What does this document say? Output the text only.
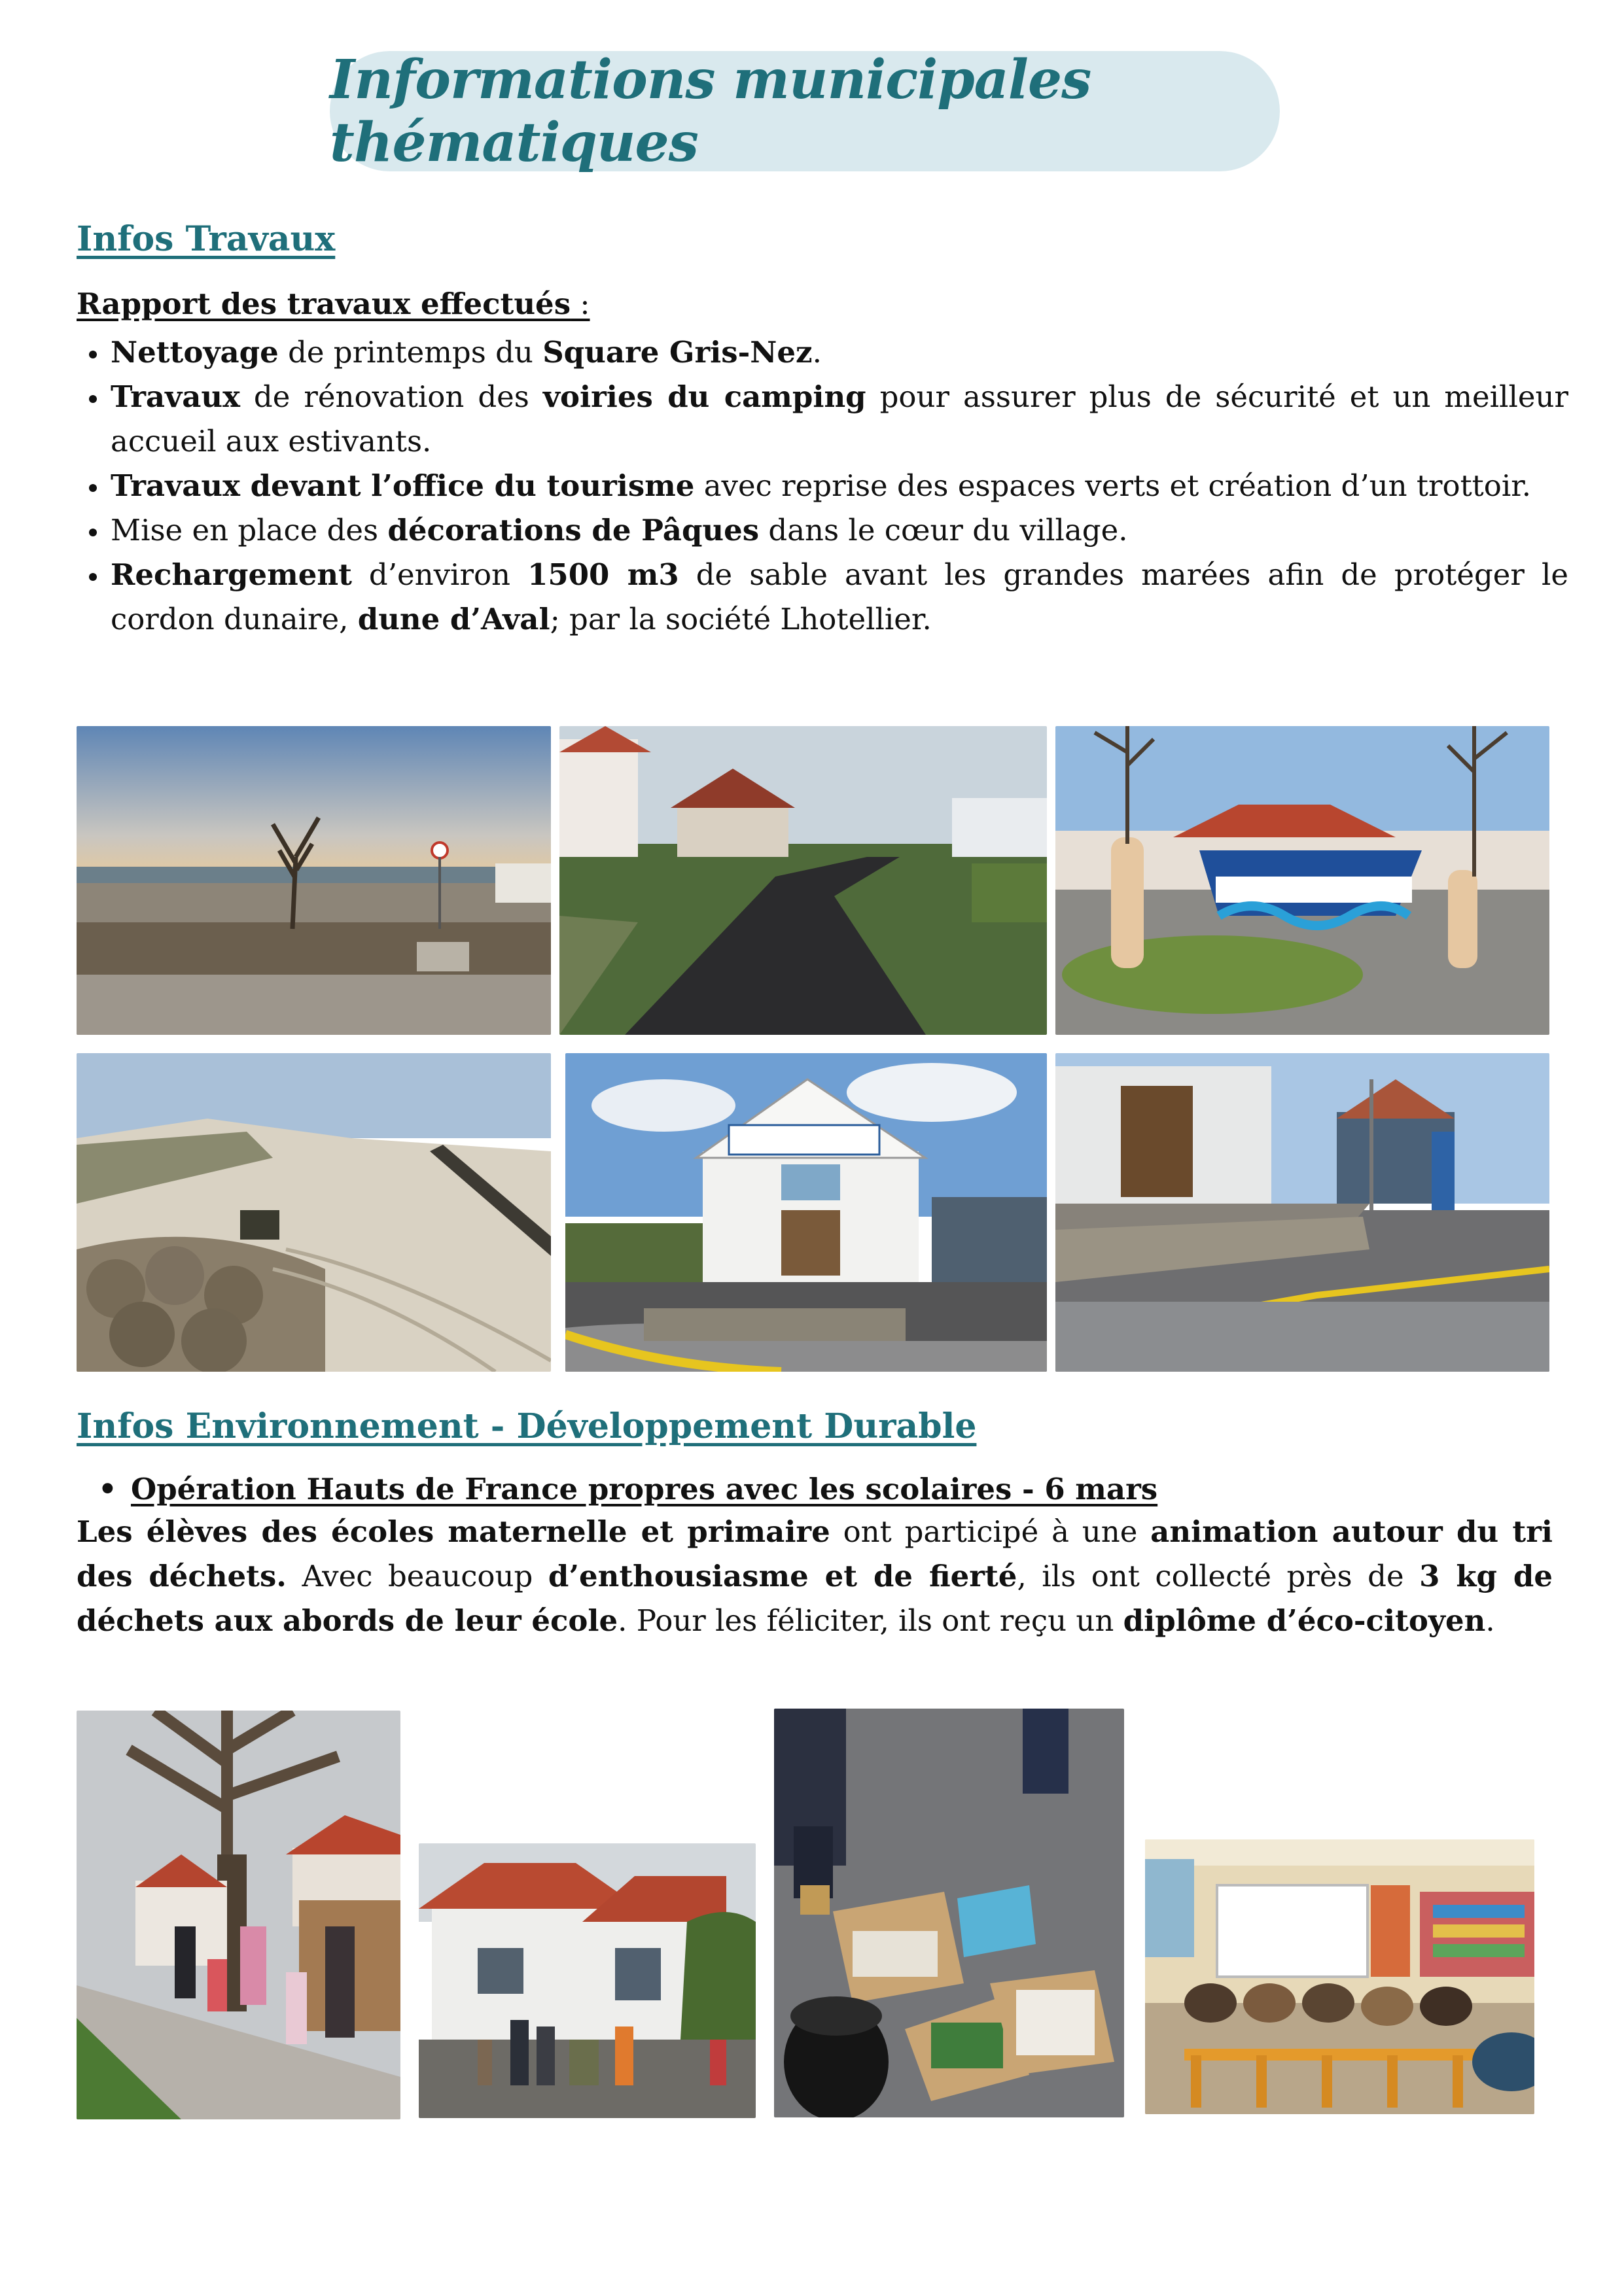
Informations municipales thématiques
Infos Travaux
Rapport des travaux effectués :
• Nettoyage de printemps du Square Gris-Nez.
• Travaux de rénovation des voiries du camping pour assurer plus de sécurité et un meilleur accueil aux estivants.
• Travaux devant l’office du tourisme avec reprise des espaces verts et création d’un trottoir.
• Mise en place des décorations de Pâques dans le cœur du village.
• Rechargement d’environ 1500 m3 de sable avant les grandes marées afin de protéger le cordon dunaire, dune d’Aval; par la société Lhotellier.
Infos Environnement - Développement Durable
• Opération Hauts de France propres avec les scolaires - 6 mars

Les élèves des écoles maternelle et primaire ont participé à une animation autour du tri des déchets. Avec beaucoup d’enthousiasme et de fierté, ils ont collecté près de 3 kg de déchets aux abords de leur école. Pour les féliciter, ils ont reçu un diplôme d’éco-citoyen.
